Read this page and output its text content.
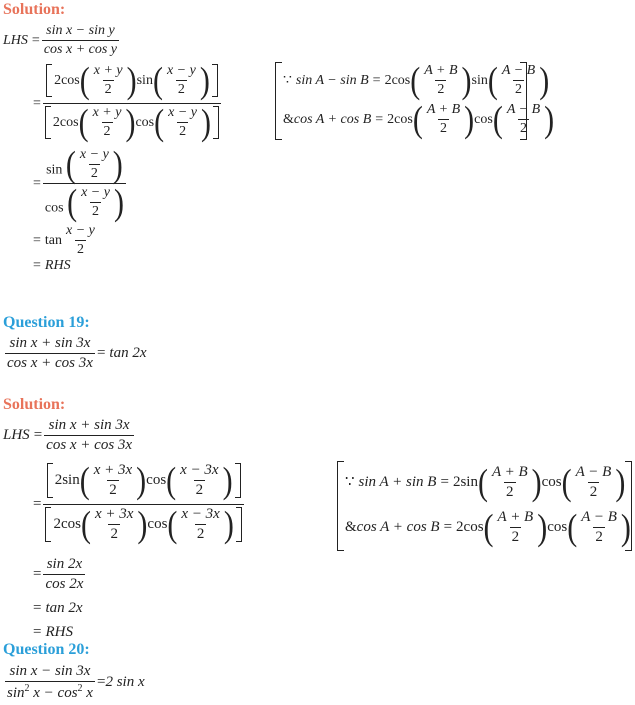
Solution:
LHS = $\frac{\text{sin x − sin y}}{\text{cos x + cos y}}$
= $\frac{2 \cos ( \frac{x + y}{2} ) \sin ( \frac{x - y}{2} )}{2 \cos ( \frac{x + y}{2} ) \cos ( \frac{x - y}{2} )}$	∵ sin A − sin B = 2 cos ( $\frac{A + B}{2}$ ) sin ( $\frac{A - B}{2}$ )
& cos A + cos B = 2 cos ( $\frac{A + B}{2}$ ) cos ( $\frac{A - B}{2}$ )
= $\frac{\sin ( \frac{x - y}{2} )}{\cos ( \frac{x - y}{2} )}$
= $\tan \frac{x - y}{2}$
= RHS
Question 19:
$\frac{\text{sin x + sin 3x}}{\text{cos x + cos 3x}} = \tan 2x$
Solution:
LHS = $\frac{\text{sin x + sin 3x}}{\text{cos x + cos 3x}}$
= $\frac{2 \sin ( \frac{x + 3x}{2} ) \cos ( \frac{x - 3x}{2} )}{2 \cos ( \frac{x + 3x}{2} ) \cos ( \frac{x - 3x}{2} )}$	∵ sin A + sin B = 2 sin ( $\frac{A + B}{2}$ ) cos ( $\frac{A - B}{2}$ )
& cos A + cos B = 2 cos ( $\frac{A + B}{2}$ ) cos ( $\frac{A - B}{2}$ )
= $\frac{\sin 2x}{\cos 2x}$
= tan 2x
= RHS
Question 20:
$\frac{\text{sin x − sin 3x}}{\sin^2 x - \cos^2 x} = 2$ sin x
